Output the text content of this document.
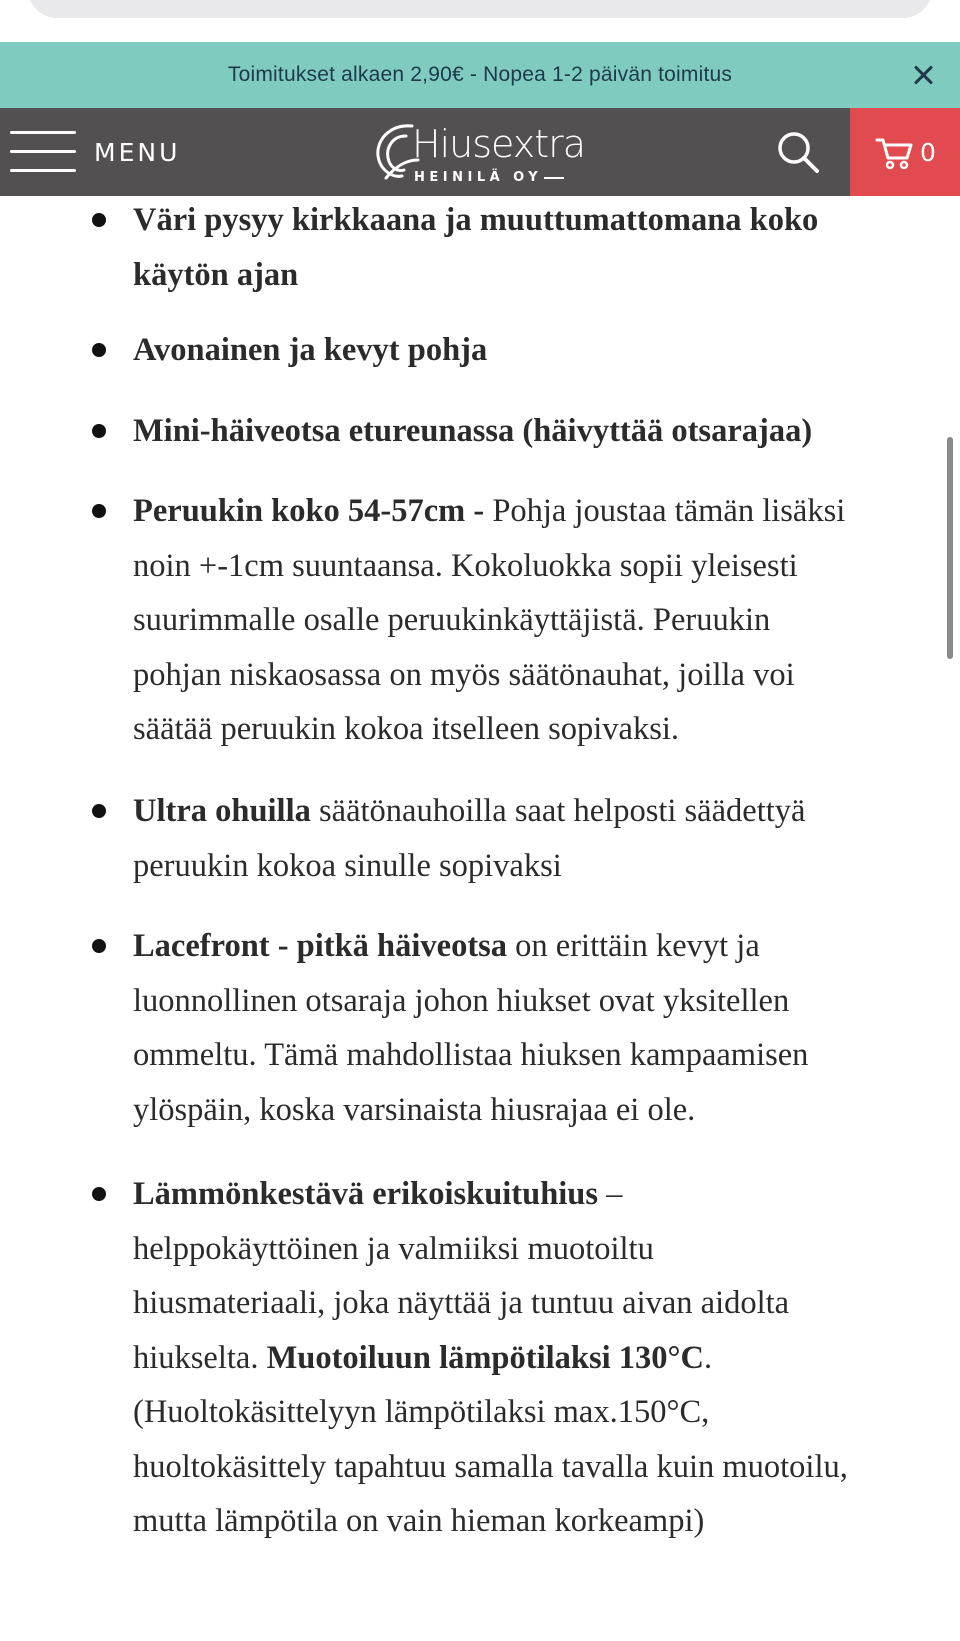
Toimitukset alkaen 2,90€ - Nopea 1-2 päivän toimitus
MENU	Hiusextra
HEINILÄ OY
0
Väri pysyy kirkkaana ja muuttumattomana koko
käytön ajan
Avonainen ja kevyt pohja
Mini-häiveotsa etureunassa (häivyttää otsarajaa)
Peruukin koko 54-57cm - Pohja joustaa tämän lisäksi
noin +-1cm suuntaansa. Kokoluokka sopii yleisesti
suurimmalle osalle peruukinkäyttäjistä. Peruukin
pohjan niskaosassa on myös säätönauhat, joilla voi
säätää peruukin kokoa itselleen sopivaksi.
Ultra ohuilla säätönauhoilla saat helposti säädettyä
peruukin kokoa sinulle sopivaksi
Lacefront - pitkä häiveotsa on erittäin kevyt ja
luonnollinen otsaraja johon hiukset ovat yksitellen
ommeltu. Tämä mahdollistaa hiuksen kampaamisen
ylöspäin, koska varsinaista hiusrajaa ei ole.
Lämmönkestävä erikoiskuituhius –
helppokäyttöinen ja valmiiksi muotoiltu
hiusmateriaali, joka näyttää ja tuntuu aivan aidolta
hiukselta. Muotoiluun lämpötilaksi 130°C.
(Huoltokäsittelyyn lämpötilaksi max.150°C,
huoltokäsittely tapahtuu samalla tavalla kuin muotoilu,
mutta lämpötila on vain hieman korkeampi)
